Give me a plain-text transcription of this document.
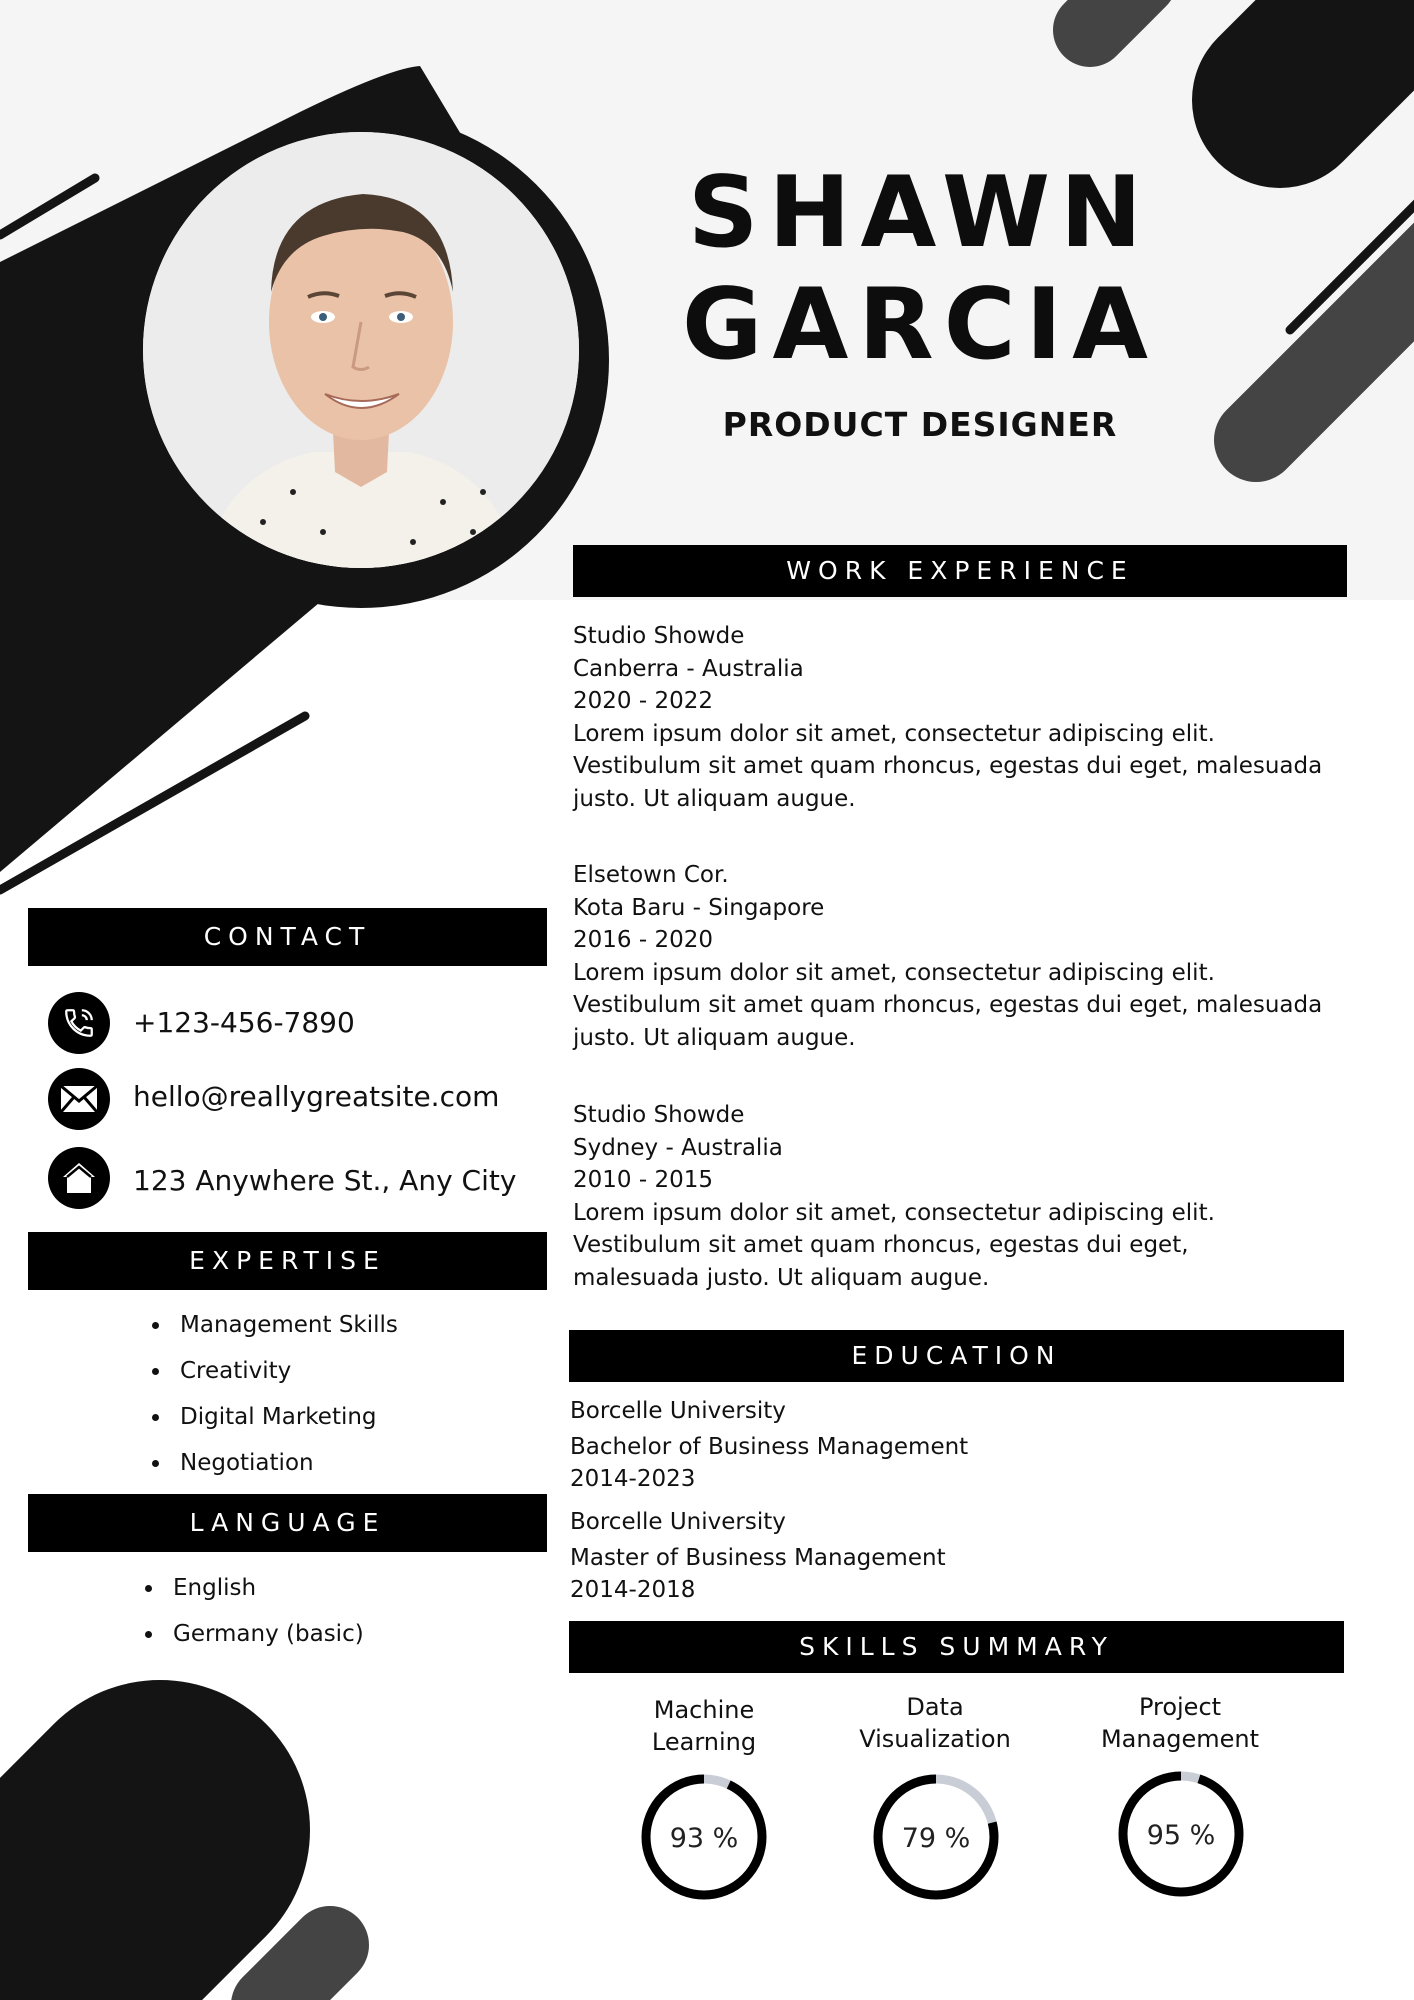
SHAWN
GARCIA
PRODUCT DESIGNER
WORK EXPERIENCE
Studio Showde
Canberra - Australia
2020 - 2022
Lorem ipsum dolor sit amet, consectetur adipiscing elit.
Vestibulum sit amet quam rhoncus, egestas dui eget, malesuada
justo. Ut aliquam augue.
Elsetown Cor.
Kota Baru - Singapore
2016 - 2020
Lorem ipsum dolor sit amet, consectetur adipiscing elit.
Vestibulum sit amet quam rhoncus, egestas dui eget, malesuada
justo. Ut aliquam augue.
Studio Showde
Sydney - Australia
2010 - 2015
Lorem ipsum dolor sit amet, consectetur adipiscing elit.
Vestibulum sit amet quam rhoncus, egestas dui eget,
malesuada justo. Ut aliquam augue.
CONTACT
+123-456-7890
hello@reallygreatsite.com
123 Anywhere St., Any City
EXPERTISE
Management Skills
Creativity
Digital Marketing
Negotiation
LANGUAGE
English
Germany (basic)
EDUCATION
Borcelle University
Bachelor of Business Management
2014-2023
Borcelle University
Master of Business Management
2014-2018
SKILLS SUMMARY
Machine
Learning
Data
Visualization
Project
Management
93 %	79 %	95 %
